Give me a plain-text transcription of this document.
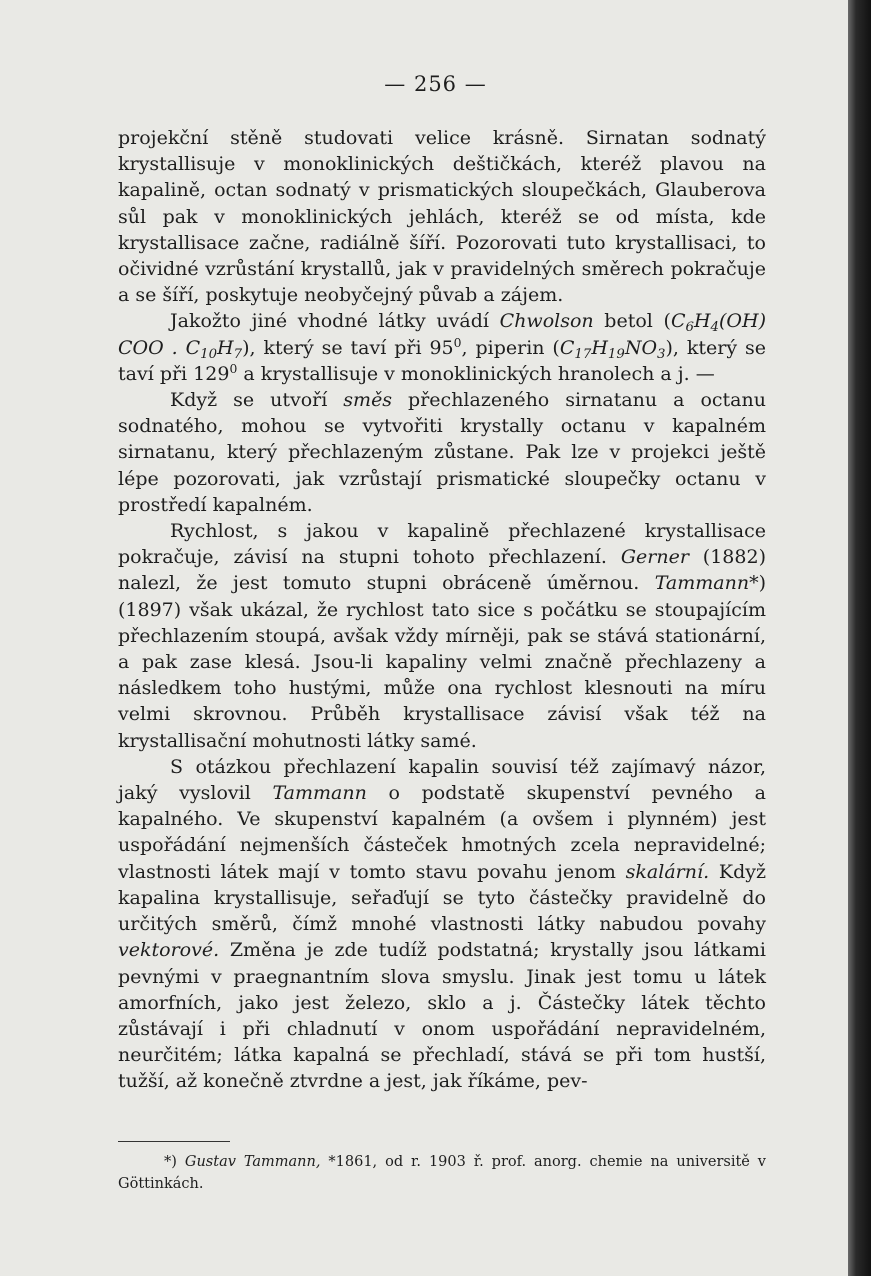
— 256 —

projekční stěně studovati velice krásně. Sirnatan sodnatý krystallisuje v monoklinických deštičkách, kteréž plavou na kapalině, octan sodnatý v prismatických sloupečkách, Glauberova sůl pak v monoklinických jehlách, kteréž se od místa, kde krystallisace začne, radiálně šíří. Pozorovati tuto krystallisaci, to očividné vzrůstání krystallů, jak v pravidelných směrech pokračuje a se šíří, poskytuje neobyčejný půvab a zájem.

Jakožto jiné vhodné látky uvádí Chwolson betol ($C_6H_4(OH)$ COO . $C_{10}H_7$), který se taví při $95^0$, piperin $(C_{17}H_{19}NO_3)$, který se taví při $129^0$ a krystallisuje v monoklinických hranolech a j. —

Když se utvoří směs přechlazeného sirnatanu a octanu sodnatého, mohou se vytvořiti krystally octanu v kapalném sirnatanu, který přechlazeným zůstane. Pak lze v projekci ještě lépe pozorovati, jak vzrůstají prismatické sloupečky octanu v prostředí kapalném.

Rychlost, s jakou v kapalině přechlazené krystallisace pokračuje, závisí na stupni tohoto přechlazení. Gerner (1882) nalezl, že jest tomuto stupni obráceně úměrnou. Tammann*) (1897) však ukázal, že rychlost tato sice s počátku se stoupajícím přechlazením stoupá, avšak vždy mírněji, pak se stává stationární, a pak zase klesá. Jsou-li kapaliny velmi značně přechlazeny a následkem toho hustými, může ona rychlost klesnouti na míru velmi skrovnou. Průběh krystallisace závisí však též na krystallisační mohutnosti látky samé.

S otázkou přechlazení kapalin souvisí též zajímavý názor, jaký vyslovil Tammann o podstatě skupenství pevného a kapalného. Ve skupenství kapalném (a ovšem i plynném) jest uspořádání nejmenších částeček hmotných zcela nepravidelné; vlastnosti látek mají v tomto stavu povahu jenom skalární. Když kapalina krystallisuje, seřaďují se tyto částečky pravidelně do určitých směrů, čímž mnohé vlastnosti látky nabudou povahy vektorové. Změna je zde tudíž podstatná; krystally jsou látkami pevnými v praegnantním slova smyslu. Jinak jest tomu u látek amorfních, jako jest železo, sklo a j. Částečky látek těchto zůstávají i při chladnutí v onom uspořádání nepravidelném, neurčitém; látka kapalná se přechladí, stává se při tom hustší, tužší, až konečně ztvrdne a jest, jak říkáme, pev-

*) Gustav Tammann, *1861, od r. 1903 ř. prof. anorg. chemie na universitě v Göttinkách.
